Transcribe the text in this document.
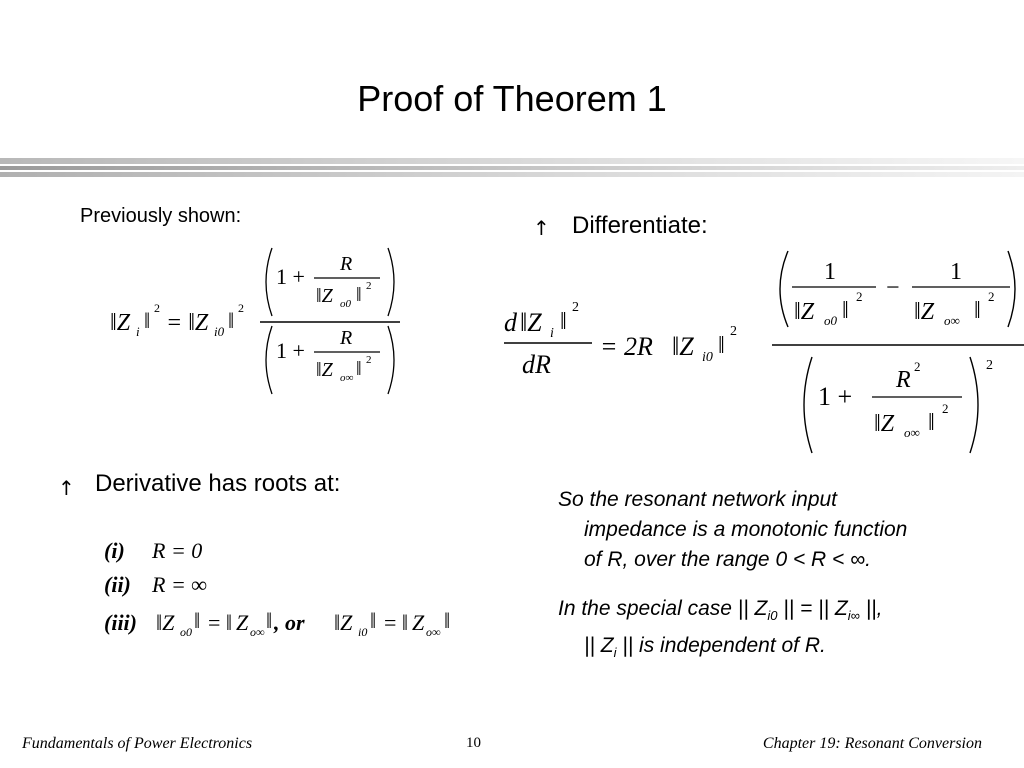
Proof of Theorem 1
Previously shown:
‖Z i ‖ 2
= ‖Z i0 ‖ 2
1 + R
‖Z o0 ‖ 2
1 + R
‖Z o∞ ‖ 2
↑ Differentiate:
d ‖Z i ‖
2
dR
= 2R ‖Z i0 ‖
2
1
‖Z o0 ‖
2 −
1
‖Z o∞ ‖
2
1 +
R
2
‖Z o∞ ‖
2
2
↑ Derivative has roots at:
(i) R = 0
(ii) R = ∞
(iii) ‖Z o0 ‖ = ‖ Z o∞ ‖ , or ‖Z i0 ‖ = ‖ Z o∞ ‖
So the resonant network input
impedance is a monotonic function
of R, over the range 0 < R < ∞.
In the special case || $Z_{i0}$ || = || $Z_{i\infty}$ ||,
|| $Z_i$ || is independent of R.
Fundamentals of Power Electronics	10	Chapter 19: Resonant Conversion
